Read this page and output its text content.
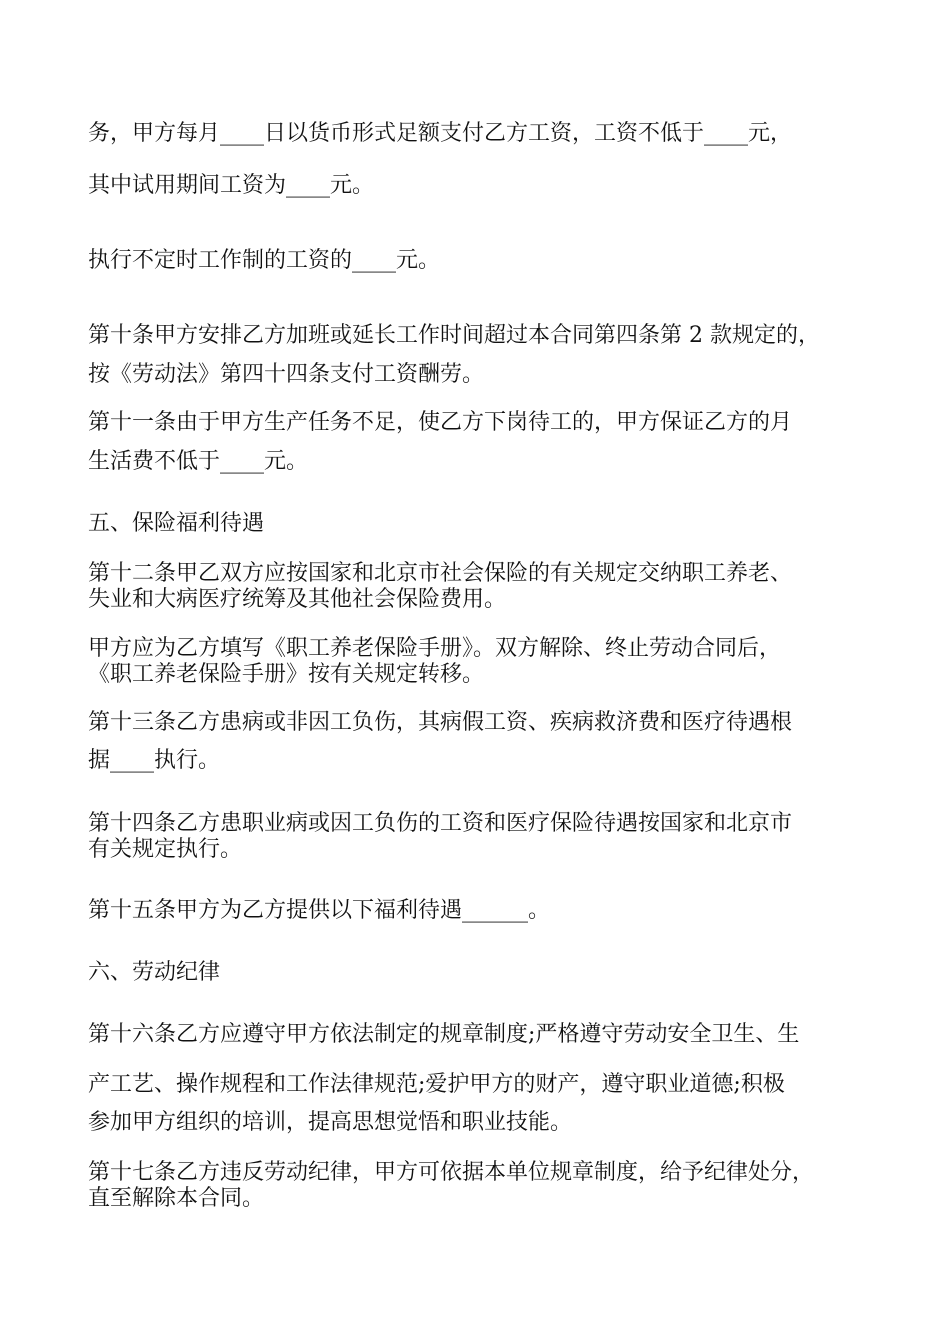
务，甲方每月____日以货币形式足额支付乙方工资，工资不低于____元，
其中试用期间工资为____元。
执行不定时工作制的工资的____元。
第十条甲方安排乙方加班或延长工作时间超过本合同第四条第 2 款规定的，
按《劳动法》第四十四条支付工资酬劳。
第十一条由于甲方生产任务不足，使乙方下岗待工的，甲方保证乙方的月
生活费不低于____元。
五、保险福利待遇
第十二条甲乙双方应按国家和北京市社会保险的有关规定交纳职工养老、
失业和大病医疗统筹及其他社会保险费用。
甲方应为乙方填写《职工养老保险手册》。双方解除、终止劳动合同后，
《职工养老保险手册》按有关规定转移。
第十三条乙方患病或非因工负伤，其病假工资、疾病救济费和医疗待遇根
据____执行。
第十四条乙方患职业病或因工负伤的工资和医疗保险待遇按国家和北京市
有关规定执行。
第十五条甲方为乙方提供以下福利待遇______。
六、劳动纪律
第十六条乙方应遵守甲方依法制定的规章制度;严格遵守劳动安全卫生、生
产工艺、操作规程和工作法律规范;爱护甲方的财产，遵守职业道德;积极
参加甲方组织的培训，提高思想觉悟和职业技能。
第十七条乙方违反劳动纪律，甲方可依据本单位规章制度，给予纪律处分，
直至解除本合同。
